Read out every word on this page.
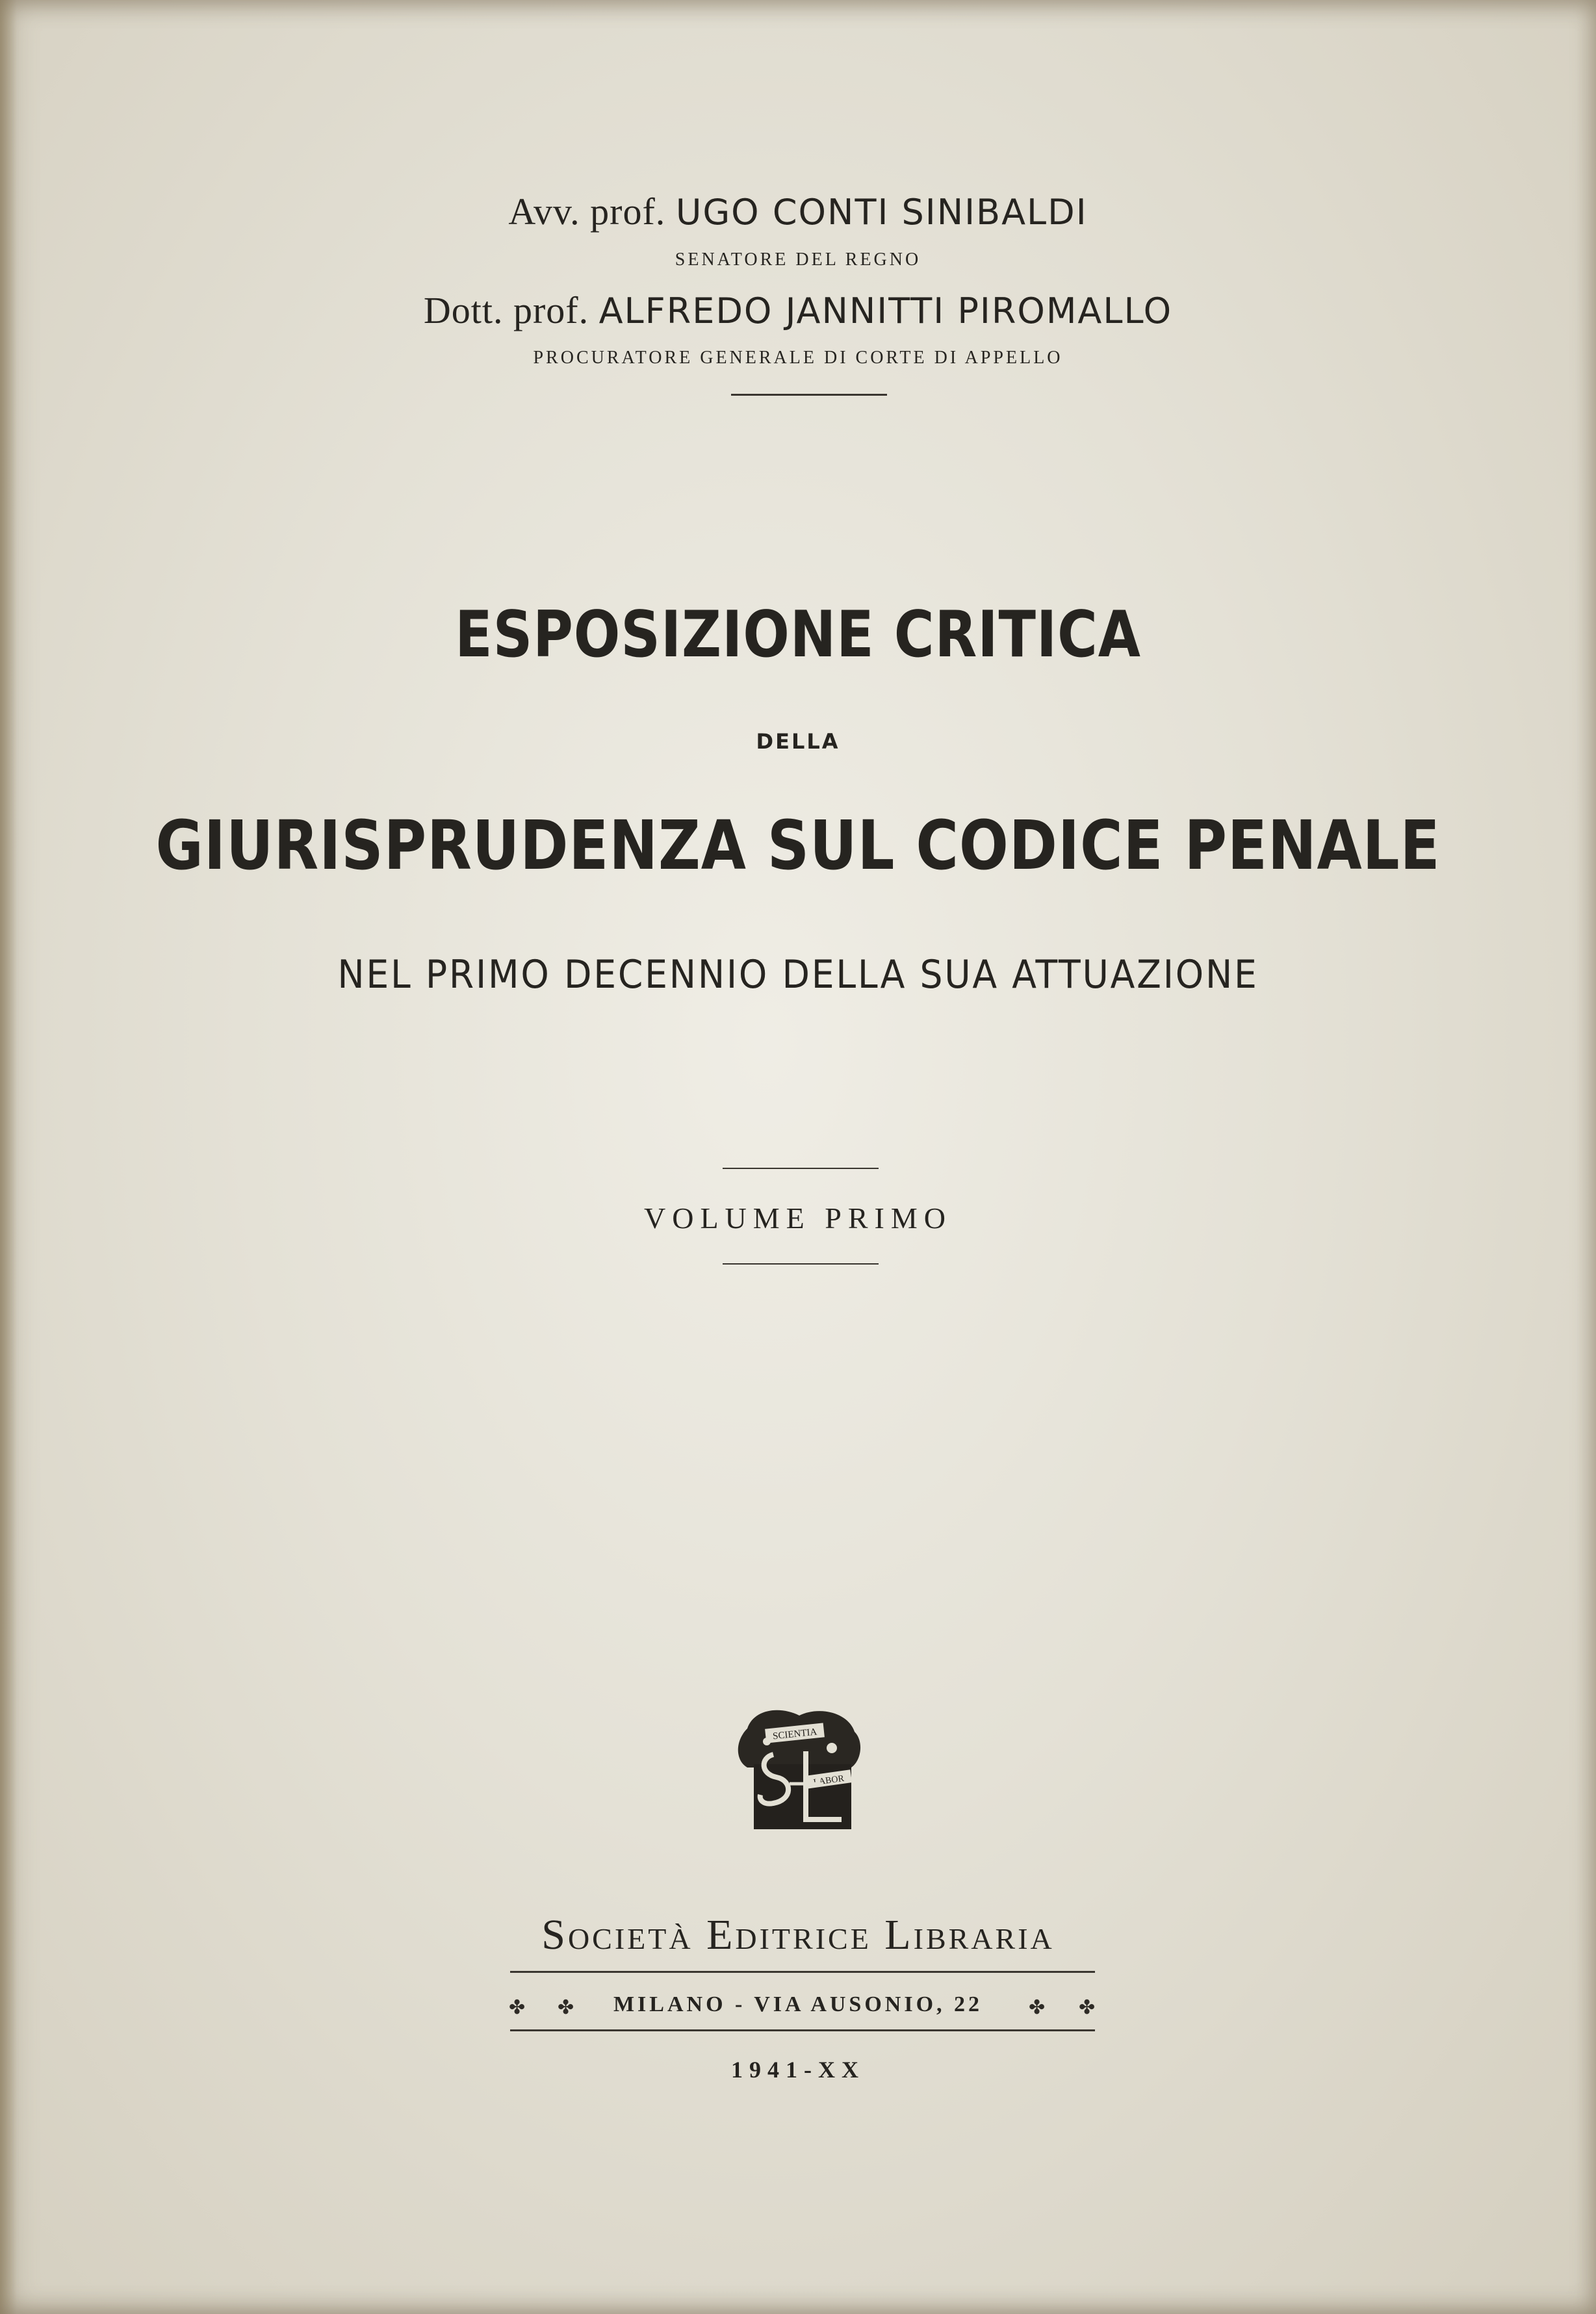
Avv. prof. UGO CONTI SINIBALDI
SENATORE DEL REGNO
Dott. prof. ALFREDO JANNITTI PIROMALLO
PROCURATORE GENERALE DI CORTE DI APPELLO
ESPOSIZIONE CRITICA
DELLA
GIURISPRUDENZA SUL CODICE PENALE
NEL PRIMO DECENNIO DELLA SUA ATTUAZIONE
VOLUME PRIMO
SCIENTIA
LABOR
Società Editrice Libraria
✤ ✤	MILANO - VIA AUSONIO, 22	✤ ✤
1941-XX
